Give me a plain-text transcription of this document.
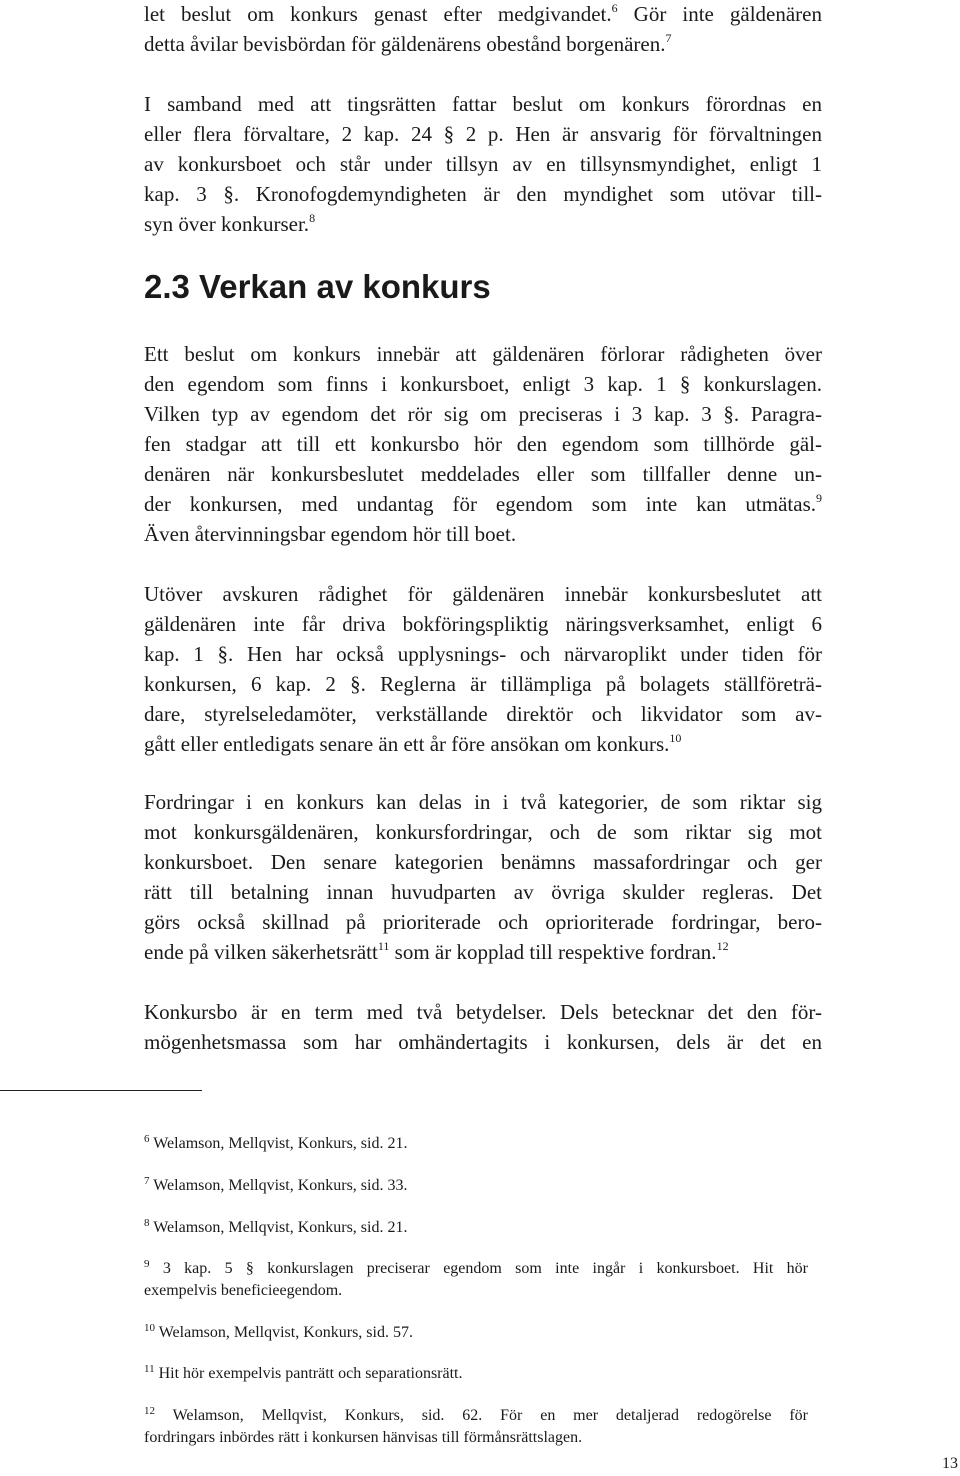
let beslut om konkurs genast efter medgivandet.$^6$ Gör inte gäldenären

detta åvilar bevisbördan för gäldenärens obestånd borgenären.$^7$

I samband med att tingsrätten fattar beslut om konkurs förordnas en

eller flera förvaltare, 2 kap. 24 § 2 p. Hen är ansvarig för förvaltningen

av konkursboet och står under tillsyn av en tillsynsmyndighet, enligt 1

kap. 3 §. Kronofogdemyndigheten är den myndighet som utövar till-

syn över konkurser.$^8$

2.3 Verkan av konkurs

Ett beslut om konkurs innebär att gäldenären förlorar rådigheten över

den egendom som finns i konkursboet, enligt 3 kap. 1 § konkurslagen.

Vilken typ av egendom det rör sig om preciseras i 3 kap. 3 §. Paragra-

fen stadgar att till ett konkursbo hör den egendom som tillhörde gäl-

denären när konkursbeslutet meddelades eller som tillfaller denne un-

der konkursen, med undantag för egendom som inte kan utmätas.$^9$

Även återvinningsbar egendom hör till boet.

Utöver avskuren rådighet för gäldenären innebär konkursbeslutet att

gäldenären inte får driva bokföringspliktig näringsverksamhet, enligt 6

kap. 1 §. Hen har också upplysnings- och närvaroplikt under tiden för

konkursen, 6 kap. 2 §. Reglerna är tillämpliga på bolagets ställföreträ-

dare, styrelseledamöter, verkställande direktör och likvidator som av-

gått eller entledigats senare än ett år före ansökan om konkurs.$^{10}$

Fordringar i en konkurs kan delas in i två kategorier, de som riktar sig

mot konkursgäldenären, konkursfordringar, och de som riktar sig mot

konkursboet. Den senare kategorien benämns massafordringar och ger

rätt till betalning innan huvudparten av övriga skulder regleras. Det

görs också skillnad på prioriterade och oprioriterade fordringar, bero-

ende på vilken säkerhetsrätt$^{11}$ som är kopplad till respektive fordran.$^{12}$

Konkursbo är en term med två betydelser. Dels betecknar det den för-

mögenhetsmassa som har omhändertagits i konkursen, dels är det en

$^6$ Welamson, Mellqvist, Konkurs, sid. 21.
$^7$ Welamson, Mellqvist, Konkurs, sid. 33.
$^8$ Welamson, Mellqvist, Konkurs, sid. 21.
$^9$ 3 kap. 5 § konkurslagen preciserar egendom som inte ingår i konkursboet. Hit hör
exempelvis beneficieegendom.
$^{10}$ Welamson, Mellqvist, Konkurs, sid. 57.
$^{11}$ Hit hör exempelvis panträtt och separationsrätt.
$^{12}$ Welamson, Mellqvist, Konkurs, sid. 62. För en mer detaljerad redogörelse för
fordringars inbördes rätt i konkursen hänvisas till förmånsrättslagen.
13
